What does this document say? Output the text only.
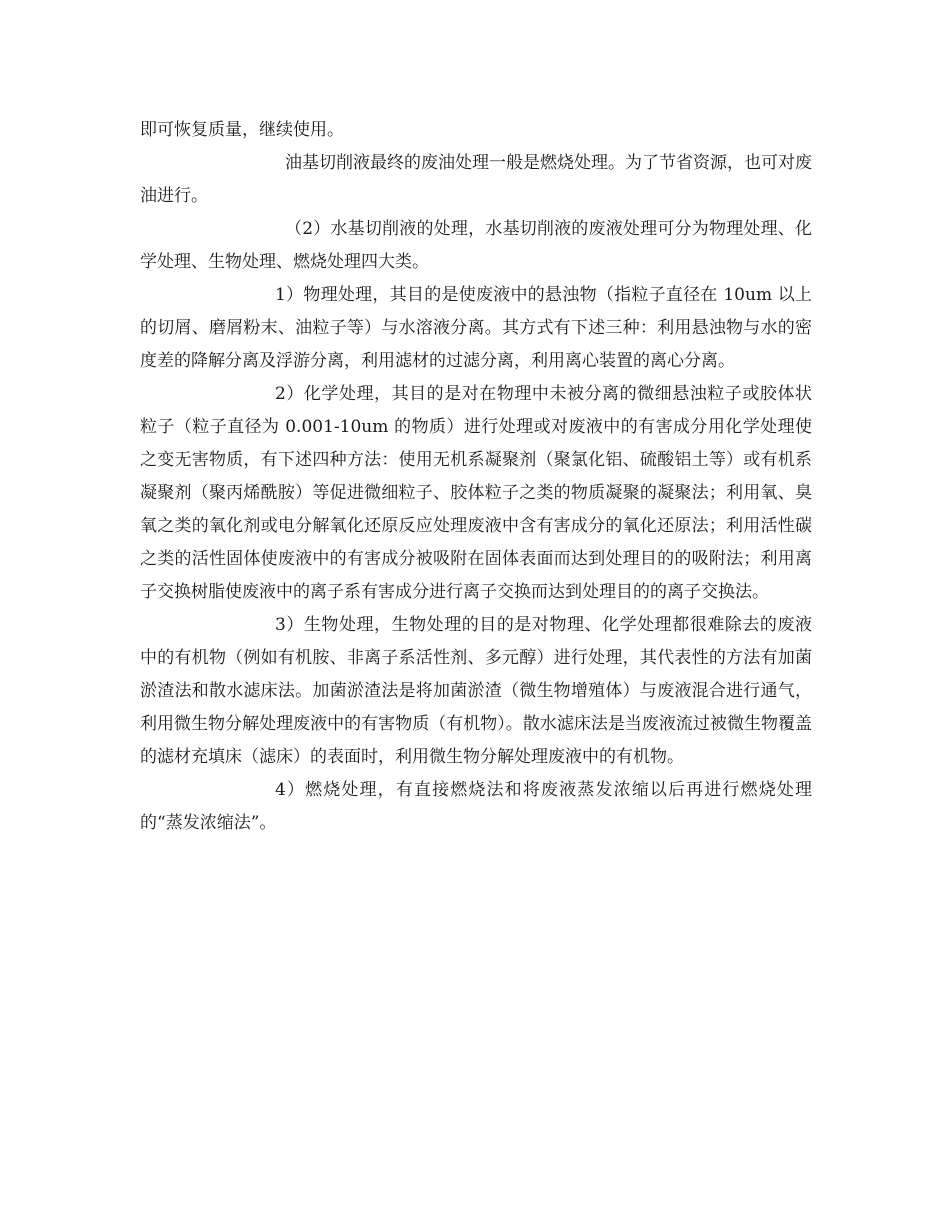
即可恢复质量，继续使用。

油基切削液最终的废油处理一般是燃烧处理。为了节省资源，也可对废油进行。

（2）水基切削液的处理，水基切削液的废液处理可分为物理处理、化学处理、生物处理、燃烧处理四大类。

1）物理处理，其目的是使废液中的悬浊物（指粒子直径在 10um 以上的切屑、磨屑粉末、油粒子等）与水溶液分离。其方式有下述三种：利用悬浊物与水的密度差的降解分离及浮游分离，利用滤材的过滤分离，利用离心装置的离心分离。

2）化学处理，其目的是对在物理中未被分离的微细悬浊粒子或胶体状粒子（粒子直径为 0.001-10um 的物质）进行处理或对废液中的有害成分用化学处理使之变无害物质，有下述四种方法：使用无机系凝聚剂（聚氯化铝、硫酸铝土等）或有机系凝聚剂（聚丙烯酰胺）等促进微细粒子、胶体粒子之类的物质凝聚的凝聚法；利用氧、臭氧之类的氧化剂或电分解氧化还原反应处理废液中含有害成分的氧化还原法；利用活性碳之类的活性固体使废液中的有害成分被吸附在固体表面而达到处理目的的吸附法；利用离子交换树脂使废液中的离子系有害成分进行离子交换而达到处理目的的离子交换法。

3）生物处理，生物处理的目的是对物理、化学处理都很难除去的废液中的有机物（例如有机胺、非离子系活性剂、多元醇）进行处理，其代表性的方法有加菌淤渣法和散水滤床法。加菌淤渣法是将加菌淤渣（微生物增殖体）与废液混合进行通气，利用微生物分解处理废液中的有害物质（有机物）。散水滤床法是当废液流过被微生物覆盖的滤材充填床（滤床）的表面时，利用微生物分解处理废液中的有机物。

4）燃烧处理，有直接燃烧法和将废液蒸发浓缩以后再进行燃烧处理的“蒸发浓缩法”。
